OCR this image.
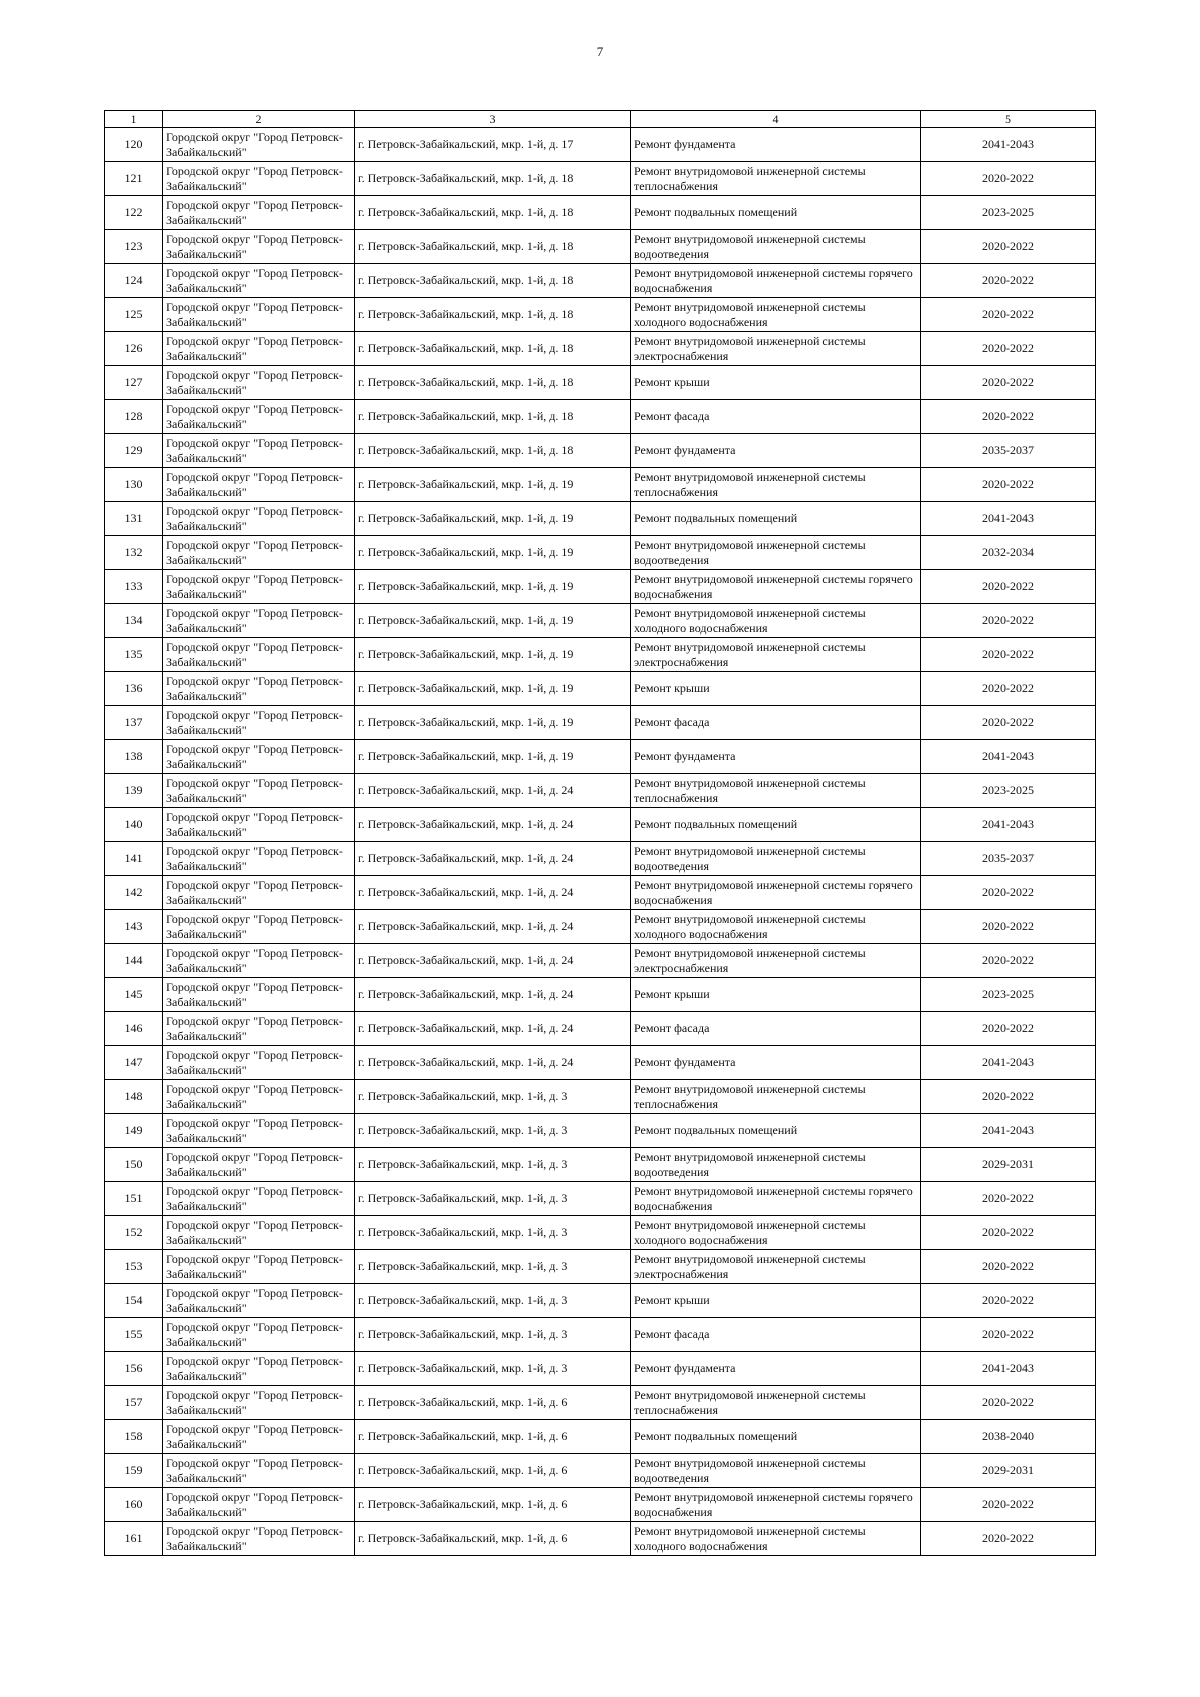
7
1	2	3	4	5
120	Городской округ "Город Петровск-Забайкальский"	г. Петровск-Забайкальский, мкр. 1-й, д. 17	Ремонт фундамента	2041-2043
121	Городской округ "Город Петровск-Забайкальский"	г. Петровск-Забайкальский, мкр. 1-й, д. 18	Ремонт внутридомовой инженерной системы теплоснабжения	2020-2022
122	Городской округ "Город Петровск-Забайкальский"	г. Петровск-Забайкальский, мкр. 1-й, д. 18	Ремонт подвальных помещений	2023-2025
123	Городской округ "Город Петровск-Забайкальский"	г. Петровск-Забайкальский, мкр. 1-й, д. 18	Ремонт внутридомовой инженерной системы водоотведения	2020-2022
124	Городской округ "Город Петровск-Забайкальский"	г. Петровск-Забайкальский, мкр. 1-й, д. 18	Ремонт внутридомовой инженерной системы горячего водоснабжения	2020-2022
125	Городской округ "Город Петровск-Забайкальский"	г. Петровск-Забайкальский, мкр. 1-й, д. 18	Ремонт внутридомовой инженерной системы холодного водоснабжения	2020-2022
126	Городской округ "Город Петровск-Забайкальский"	г. Петровск-Забайкальский, мкр. 1-й, д. 18	Ремонт внутридомовой инженерной системы электроснабжения	2020-2022
127	Городской округ "Город Петровск-Забайкальский"	г. Петровск-Забайкальский, мкр. 1-й, д. 18	Ремонт крыши	2020-2022
128	Городской округ "Город Петровск-Забайкальский"	г. Петровск-Забайкальский, мкр. 1-й, д. 18	Ремонт фасада	2020-2022
129	Городской округ "Город Петровск-Забайкальский"	г. Петровск-Забайкальский, мкр. 1-й, д. 18	Ремонт фундамента	2035-2037
130	Городской округ "Город Петровск-Забайкальский"	г. Петровск-Забайкальский, мкр. 1-й, д. 19	Ремонт внутридомовой инженерной системы теплоснабжения	2020-2022
131	Городской округ "Город Петровск-Забайкальский"	г. Петровск-Забайкальский, мкр. 1-й, д. 19	Ремонт подвальных помещений	2041-2043
132	Городской округ "Город Петровск-Забайкальский"	г. Петровск-Забайкальский, мкр. 1-й, д. 19	Ремонт внутридомовой инженерной системы водоотведения	2032-2034
133	Городской округ "Город Петровск-Забайкальский"	г. Петровск-Забайкальский, мкр. 1-й, д. 19	Ремонт внутридомовой инженерной системы горячего водоснабжения	2020-2022
134	Городской округ "Город Петровск-Забайкальский"	г. Петровск-Забайкальский, мкр. 1-й, д. 19	Ремонт внутридомовой инженерной системы холодного водоснабжения	2020-2022
135	Городской округ "Город Петровск-Забайкальский"	г. Петровск-Забайкальский, мкр. 1-й, д. 19	Ремонт внутридомовой инженерной системы электроснабжения	2020-2022
136	Городской округ "Город Петровск-Забайкальский"	г. Петровск-Забайкальский, мкр. 1-й, д. 19	Ремонт крыши	2020-2022
137	Городской округ "Город Петровск-Забайкальский"	г. Петровск-Забайкальский, мкр. 1-й, д. 19	Ремонт фасада	2020-2022
138	Городской округ "Город Петровск-Забайкальский"	г. Петровск-Забайкальский, мкр. 1-й, д. 19	Ремонт фундамента	2041-2043
139	Городской округ "Город Петровск-Забайкальский"	г. Петровск-Забайкальский, мкр. 1-й, д. 24	Ремонт внутридомовой инженерной системы теплоснабжения	2023-2025
140	Городской округ "Город Петровск-Забайкальский"	г. Петровск-Забайкальский, мкр. 1-й, д. 24	Ремонт подвальных помещений	2041-2043
141	Городской округ "Город Петровск-Забайкальский"	г. Петровск-Забайкальский, мкр. 1-й, д. 24	Ремонт внутридомовой инженерной системы водоотведения	2035-2037
142	Городской округ "Город Петровск-Забайкальский"	г. Петровск-Забайкальский, мкр. 1-й, д. 24	Ремонт внутридомовой инженерной системы горячего водоснабжения	2020-2022
143	Городской округ "Город Петровск-Забайкальский"	г. Петровск-Забайкальский, мкр. 1-й, д. 24	Ремонт внутридомовой инженерной системы холодного водоснабжения	2020-2022
144	Городской округ "Город Петровск-Забайкальский"	г. Петровск-Забайкальский, мкр. 1-й, д. 24	Ремонт внутридомовой инженерной системы электроснабжения	2020-2022
145	Городской округ "Город Петровск-Забайкальский"	г. Петровск-Забайкальский, мкр. 1-й, д. 24	Ремонт крыши	2023-2025
146	Городской округ "Город Петровск-Забайкальский"	г. Петровск-Забайкальский, мкр. 1-й, д. 24	Ремонт фасада	2020-2022
147	Городской округ "Город Петровск-Забайкальский"	г. Петровск-Забайкальский, мкр. 1-й, д. 24	Ремонт фундамента	2041-2043
148	Городской округ "Город Петровск-Забайкальский"	г. Петровск-Забайкальский, мкр. 1-й, д. 3	Ремонт внутридомовой инженерной системы теплоснабжения	2020-2022
149	Городской округ "Город Петровск-Забайкальский"	г. Петровск-Забайкальский, мкр. 1-й, д. 3	Ремонт подвальных помещений	2041-2043
150	Городской округ "Город Петровск-Забайкальский"	г. Петровск-Забайкальский, мкр. 1-й, д. 3	Ремонт внутридомовой инженерной системы водоотведения	2029-2031
151	Городской округ "Город Петровск-Забайкальский"	г. Петровск-Забайкальский, мкр. 1-й, д. 3	Ремонт внутридомовой инженерной системы горячего водоснабжения	2020-2022
152	Городской округ "Город Петровск-Забайкальский"	г. Петровск-Забайкальский, мкр. 1-й, д. 3	Ремонт внутридомовой инженерной системы холодного водоснабжения	2020-2022
153	Городской округ "Город Петровск-Забайкальский"	г. Петровск-Забайкальский, мкр. 1-й, д. 3	Ремонт внутридомовой инженерной системы электроснабжения	2020-2022
154	Городской округ "Город Петровск-Забайкальский"	г. Петровск-Забайкальский, мкр. 1-й, д. 3	Ремонт крыши	2020-2022
155	Городской округ "Город Петровск-Забайкальский"	г. Петровск-Забайкальский, мкр. 1-й, д. 3	Ремонт фасада	2020-2022
156	Городской округ "Город Петровск-Забайкальский"	г. Петровск-Забайкальский, мкр. 1-й, д. 3	Ремонт фундамента	2041-2043
157	Городской округ "Город Петровск-Забайкальский"	г. Петровск-Забайкальский, мкр. 1-й, д. 6	Ремонт внутридомовой инженерной системы теплоснабжения	2020-2022
158	Городской округ "Город Петровск-Забайкальский"	г. Петровск-Забайкальский, мкр. 1-й, д. 6	Ремонт подвальных помещений	2038-2040
159	Городской округ "Город Петровск-Забайкальский"	г. Петровск-Забайкальский, мкр. 1-й, д. 6	Ремонт внутридомовой инженерной системы водоотведения	2029-2031
160	Городской округ "Город Петровск-Забайкальский"	г. Петровск-Забайкальский, мкр. 1-й, д. 6	Ремонт внутридомовой инженерной системы горячего водоснабжения	2020-2022
161	Городской округ "Город Петровск-Забайкальский"	г. Петровск-Забайкальский, мкр. 1-й, д. 6	Ремонт внутридомовой инженерной системы холодного водоснабжения	2020-2022
